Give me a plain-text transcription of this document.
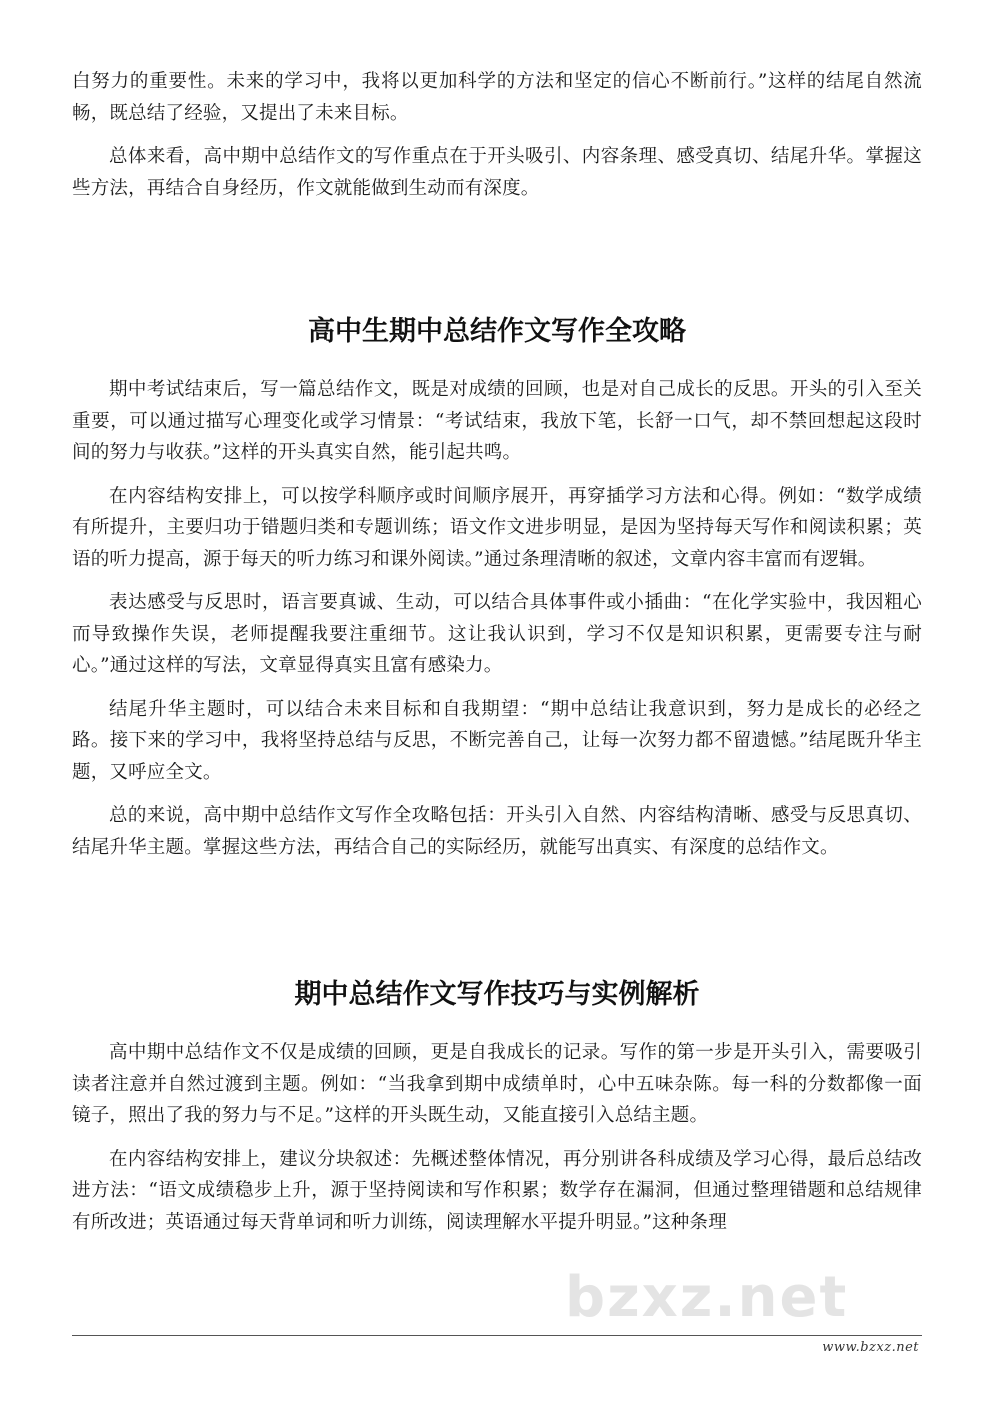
bzxz.net

白努力的重要性。未来的学习中，我将以更加科学的方法和坚定的信心不断前行。”这样的结尾自然流畅，既总结了经验，又提出了未来目标。

总体来看，高中期中总结作文的写作重点在于开头吸引、内容条理、感受真切、结尾升华。掌握这些方法，再结合自身经历，作文就能做到生动而有深度。

高中生期中总结作文写作全攻略

期中考试结束后，写一篇总结作文，既是对成绩的回顾，也是对自己成长的反思。开头的引入至关重要，可以通过描写心理变化或学习情景：“考试结束，我放下笔，长舒一口气，却不禁回想起这段时间的努力与收获。”这样的开头真实自然，能引起共鸣。

在内容结构安排上，可以按学科顺序或时间顺序展开，再穿插学习方法和心得。例如：“数学成绩有所提升，主要归功于错题归类和专题训练；语文作文进步明显，是因为坚持每天写作和阅读积累；英语的听力提高，源于每天的听力练习和课外阅读。”通过条理清晰的叙述，文章内容丰富而有逻辑。

表达感受与反思时，语言要真诚、生动，可以结合具体事件或小插曲：“在化学实验中，我因粗心而导致操作失误，老师提醒我要注重细节。这让我认识到，学习不仅是知识积累，更需要专注与耐心。”通过这样的写法，文章显得真实且富有感染力。

结尾升华主题时，可以结合未来目标和自我期望：“期中总结让我意识到，努力是成长的必经之路。接下来的学习中，我将坚持总结与反思，不断完善自己，让每一次努力都不留遗憾。”结尾既升华主题，又呼应全文。

总的来说，高中期中总结作文写作全攻略包括：开头引入自然、内容结构清晰、感受与反思真切、结尾升华主题。掌握这些方法，再结合自己的实际经历，就能写出真实、有深度的总结作文。

期中总结作文写作技巧与实例解析

高中期中总结作文不仅是成绩的回顾，更是自我成长的记录。写作的第一步是开头引入，需要吸引读者注意并自然过渡到主题。例如：“当我拿到期中成绩单时，心中五味杂陈。每一科的分数都像一面镜子，照出了我的努力与不足。”这样的开头既生动，又能直接引入总结主题。

在内容结构安排上，建议分块叙述：先概述整体情况，再分别讲各科成绩及学习心得，最后总结改进方法：“语文成绩稳步上升，源于坚持阅读和写作积累；数学存在漏洞，但通过整理错题和总结规律有所改进；英语通过每天背单词和听力训练，阅读理解水平提升明显。”这种条理

www.bzxz.net
